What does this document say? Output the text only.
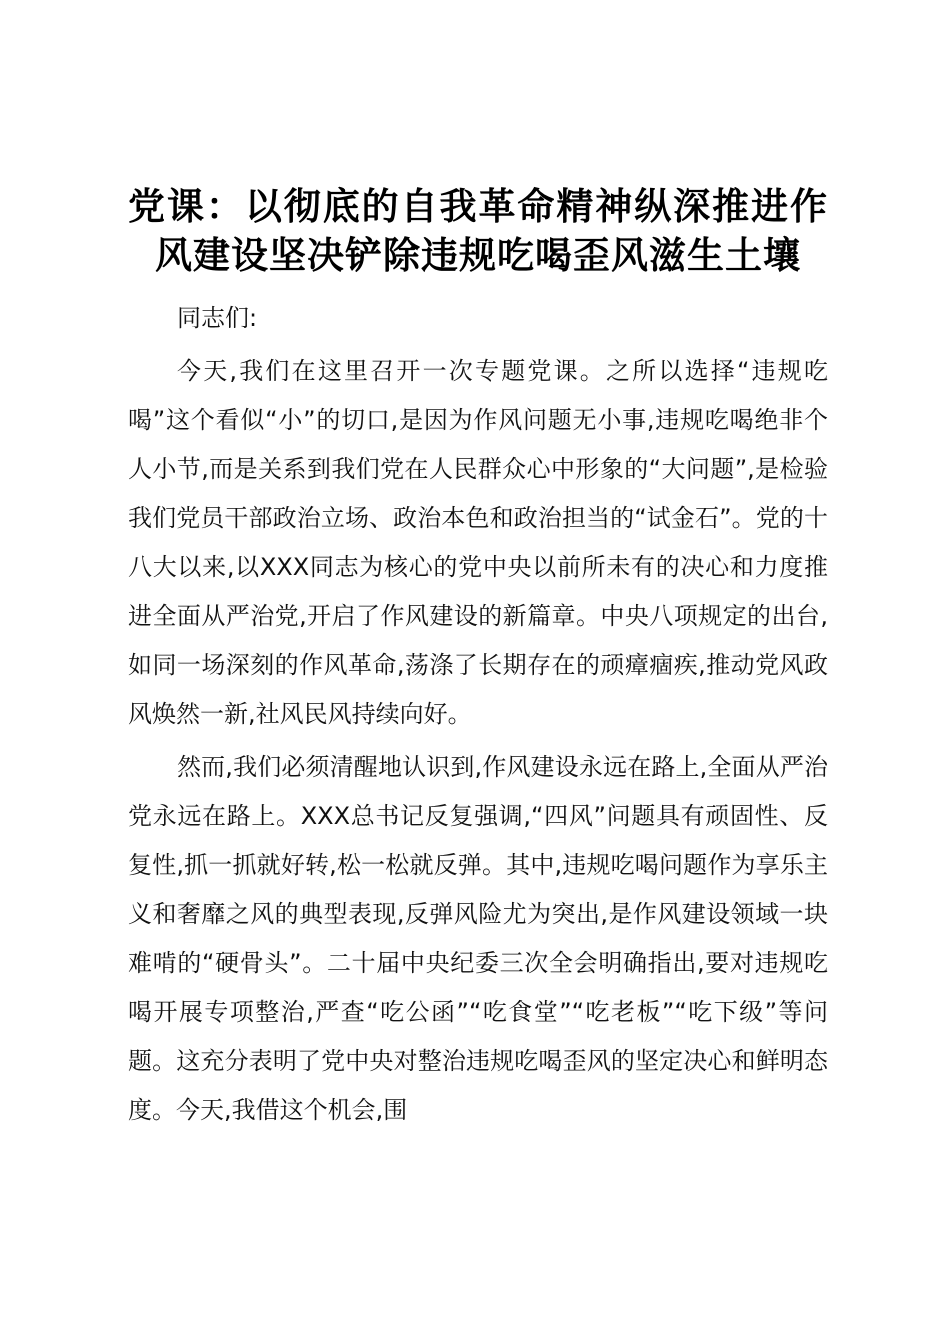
党课：以彻底的自我革命精神纵深推进作风建设坚决铲除违规吃喝歪风滋生土壤

同志们:

今天,我们在这里召开一次专题党课。之所以选择“违规吃喝”这个看似“小”的切口,是因为作风问题无小事,违规吃喝绝非个人小节,而是关系到我们党在人民群众心中形象的“大问题”,是检验我们党员干部政治立场、政治本色和政治担当的“试金石”。党的十八大以来,以XXX同志为核心的党中央以前所未有的决心和力度推进全面从严治党,开启了作风建设的新篇章。中央八项规定的出台,如同一场深刻的作风革命,荡涤了长期存在的顽瘴痼疾,推动党风政风焕然一新,社风民风持续向好。

然而,我们必须清醒地认识到,作风建设永远在路上,全面从严治党永远在路上。XXX总书记反复强调,“四风”问题具有顽固性、反复性,抓一抓就好转,松一松就反弹。其中,违规吃喝问题作为享乐主义和奢靡之风的典型表现,反弹风险尤为突出,是作风建设领域一块难啃的“硬骨头”。二十届中央纪委三次全会明确指出,要对违规吃喝开展专项整治,严查“吃公函”“吃食堂”“吃老板”“吃下级”等问题。这充分表明了党中央对整治违规吃喝歪风的坚定决心和鲜明态度。今天,我借这个机会,围
